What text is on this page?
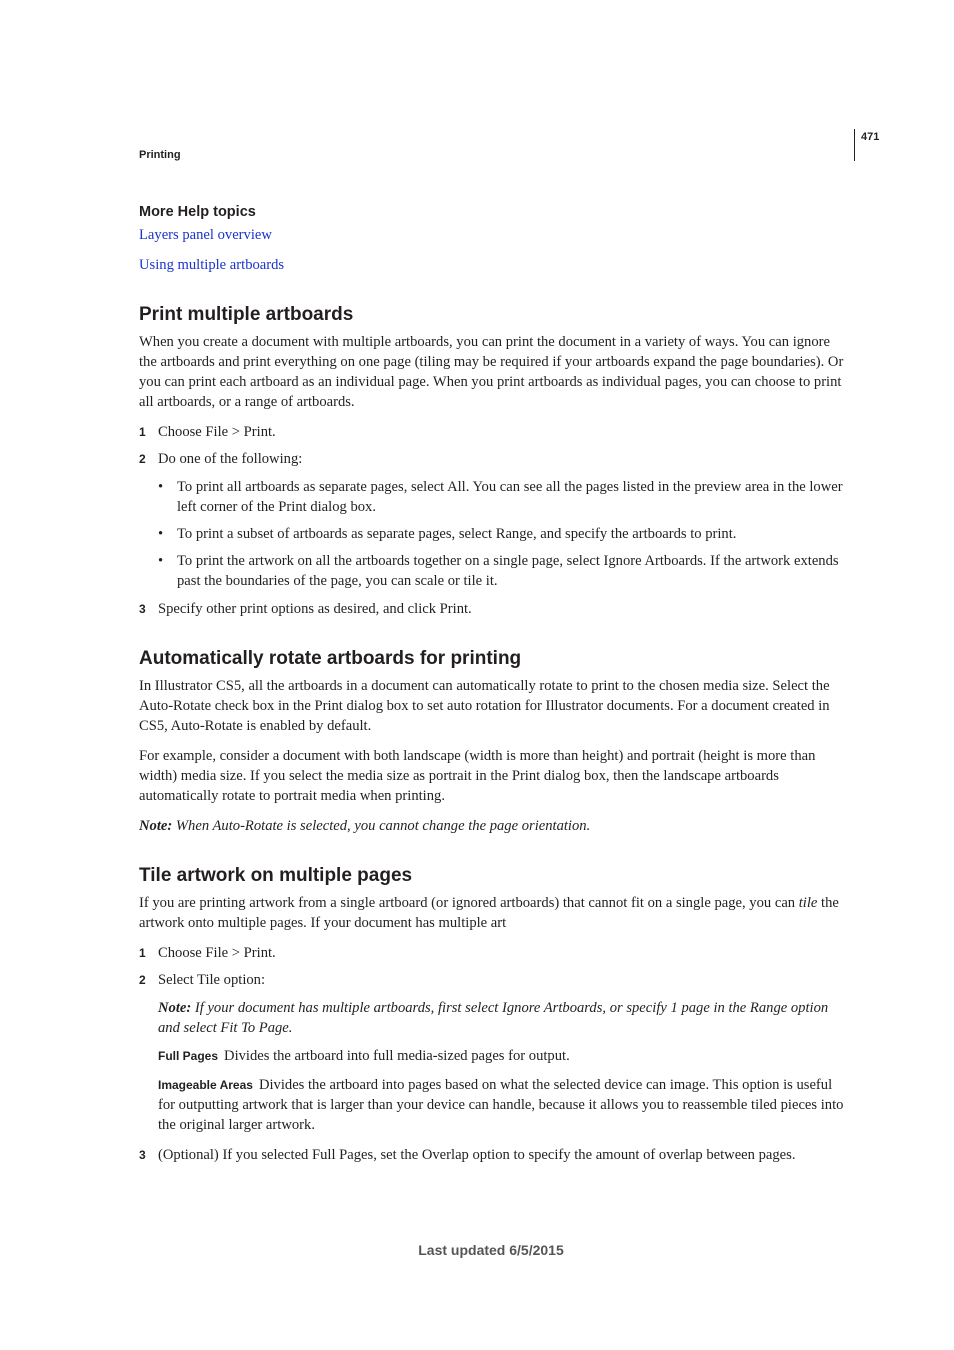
471
Printing
More Help topics
Layers panel overview
Using multiple artboards
Print multiple artboards

When you create a document with multiple artboards, you can print the document in a variety of ways. You can ignore the artboards and print everything on one page (tiling may be required if your artboards expand the page boundaries). Or you can print each artboard as an individual page. When you print artboards as individual pages, you can choose to print all artboards, or a range of artboards.

1 Choose File > Print.

2 Do one of the following:

• To print all artboards as separate pages, select All. You can see all the pages listed in the preview area in the lower left corner of the Print dialog box.

• To print a subset of artboards as separate pages, select Range, and specify the artboards to print.

• To print the artwork on all the artboards together on a single page, select Ignore Artboards. If the artwork extends past the boundaries of the page, you can scale or tile it.

3 Specify other print options as desired, and click Print.

Automatically rotate artboards for printing

In Illustrator CS5, all the artboards in a document can automatically rotate to print to the chosen media size. Select the Auto-Rotate check box in the Print dialog box to set auto rotation for Illustrator documents. For a document created in CS5, Auto-Rotate is enabled by default.

For example, consider a document with both landscape (width is more than height) and portrait (height is more than width) media size. If you select the media size as portrait in the Print dialog box, then the landscape artboards automatically rotate to portrait media when printing.

Note: When Auto-Rotate is selected, you cannot change the page orientation.

Tile artwork on multiple pages

If you are printing artwork from a single artboard (or ignored artboards) that cannot fit on a single page, you can tile the artwork onto multiple pages. If your document has multiple art

1 Choose File > Print.

2 Select Tile option:

Note: If your document has multiple artboards, first select Ignore Artboards, or specify 1 page in the Range option and select Fit To Page.

Full Pages Divides the artboard into full media-sized pages for output.

Imageable Areas Divides the artboard into pages based on what the selected device can image. This option is useful for outputting artwork that is larger than your device can handle, because it allows you to reassemble tiled pieces into the original larger artwork.

3 (Optional) If you selected Full Pages, set the Overlap option to specify the amount of overlap between pages.

Last updated 6/5/2015
